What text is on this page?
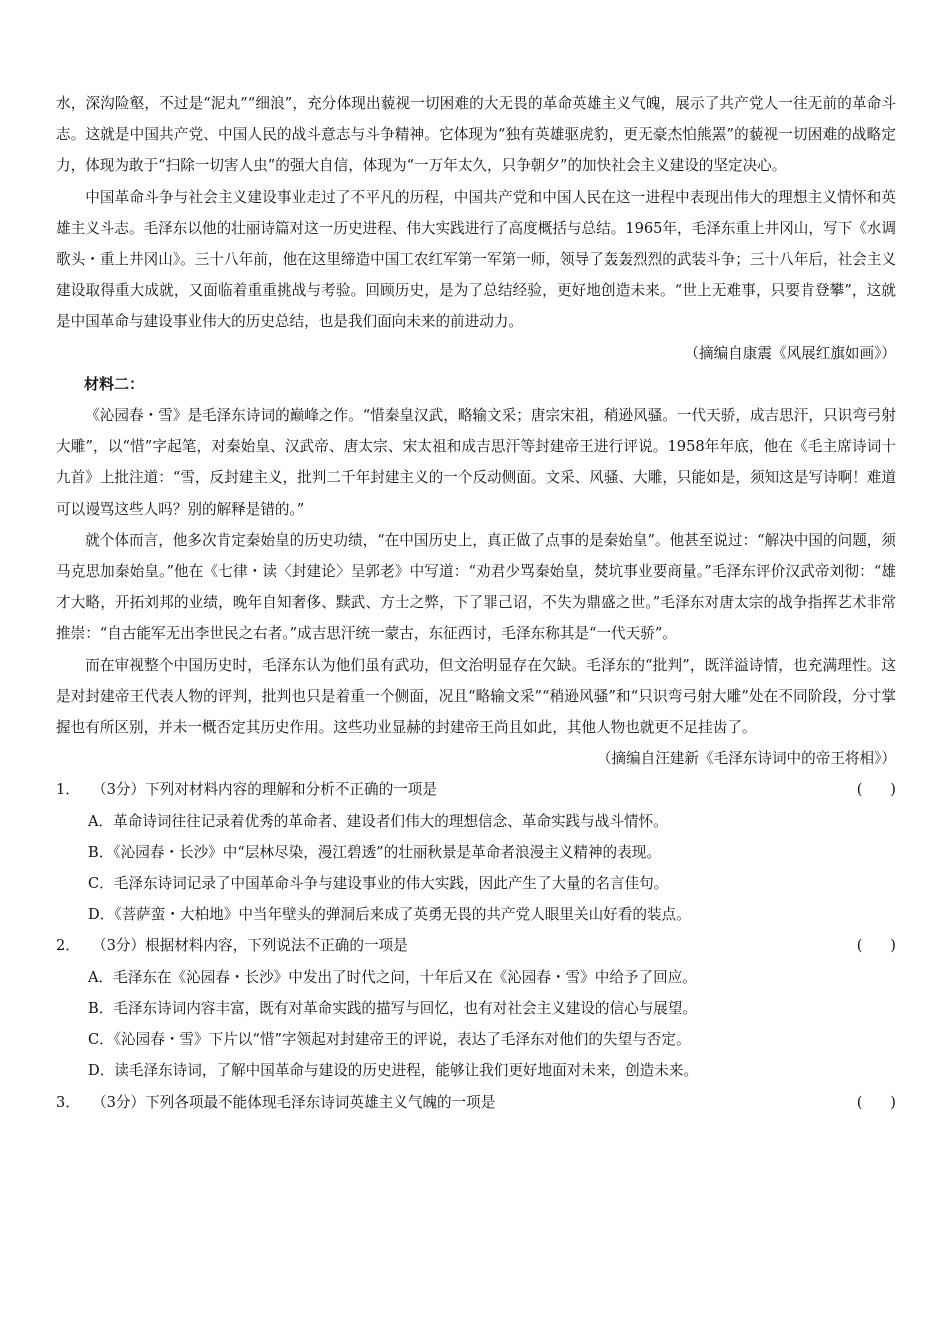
水，深沟险壑，不过是“泥丸”“细浪”，充分体现出藐视一切困难的大无畏的革命英雄主义气魄，展示了共产党人一往无前的革命斗志。这就是中国共产党、中国人民的战斗意志与斗争精神。它体现为“独有英雄驱虎豹，更无豪杰怕熊罴”的藐视一切困难的战略定力，体现为敢于“扫除一切害人虫”的强大自信，体现为“一万年太久，只争朝夕”的加快社会主义建设的坚定决心。

中国革命斗争与社会主义建设事业走过了不平凡的历程，中国共产党和中国人民在这一进程中表现出伟大的理想主义情怀和英雄主义斗志。毛泽东以他的壮丽诗篇对这一历史进程、伟大实践进行了高度概括与总结。1965年，毛泽东重上井冈山，写下《水调歌头・重上井冈山》。三十八年前，他在这里缔造中国工农红军第一军第一师，领导了轰轰烈烈的武装斗争；三十八年后，社会主义建设取得重大成就，又面临着重重挑战与考验。回顾历史，是为了总结经验，更好地创造未来。“世上无难事，只要肯登攀”，这就是中国革命与建设事业伟大的历史总结，也是我们面向未来的前进动力。

（摘编自康震《风展红旗如画》）

材料二：

《沁园春・雪》是毛泽东诗词的巅峰之作。“惜秦皇汉武，略输文采；唐宗宋祖，稍逊风骚。一代天骄，成吉思汗，只识弯弓射大雕”，以“惜”字起笔，对秦始皇、汉武帝、唐太宗、宋太祖和成吉思汗等封建帝王进行评说。1958年年底，他在《毛主席诗词十九首》上批注道：“雪，反封建主义，批判二千年封建主义的一个反动侧面。文采、风骚、大雕，只能如是，须知这是写诗啊！难道可以谩骂这些人吗？别的解释是错的。”

就个体而言，他多次肯定秦始皇的历史功绩，“在中国历史上，真正做了点事的是秦始皇”。他甚至说过：“解决中国的问题，须马克思加秦始皇。”他在《七律・读〈封建论〉呈郭老》中写道：“劝君少骂秦始皇，焚坑事业要商量。”毛泽东评价汉武帝刘彻：“雄才大略，开拓刘邦的业绩，晚年自知奢侈、黩武、方士之弊，下了罪己诏，不失为鼎盛之世。”毛泽东对唐太宗的战争指挥艺术非常推崇：“自古能军无出李世民之右者。”成吉思汗统一蒙古，东征西讨，毛泽东称其是“一代天骄”。

而在审视整个中国历史时，毛泽东认为他们虽有武功，但文治明显存在欠缺。毛泽东的“批判”，既洋溢诗情，也充满理性。这是对封建帝王代表人物的评判，批判也只是着重一个侧面，况且“略输文采”“稍逊风骚”和“只识弯弓射大雕”处在不同阶段，分寸掌握也有所区别，并未一概否定其历史作用。这些功业显赫的封建帝王尚且如此，其他人物也就更不足挂齿了。

（摘编自汪建新《毛泽东诗词中的帝王将相》）

1． （3分）下列对材料内容的理解和分析不正确的一项是	(      )
A．革命诗词往往记录着优秀的革命者、建设者们伟大的理想信念、革命实践与战斗情怀。
B．《沁园春・长沙》中“层林尽染，漫江碧透”的壮丽秋景是革命者浪漫主义精神的表现。
C．毛泽东诗词记录了中国革命斗争与建设事业的伟大实践，因此产生了大量的名言佳句。
D．《菩萨蛮・大柏地》中当年壁头的弹洞后来成了英勇无畏的共产党人眼里关山好看的装点。
2． （3分）根据材料内容，下列说法不正确的一项是	(      )
A．毛泽东在《沁园春・长沙》中发出了时代之问，十年后又在《沁园春・雪》中给予了回应。
B．毛泽东诗词内容丰富，既有对革命实践的描写与回忆，也有对社会主义建设的信心与展望。
C．《沁园春・雪》下片以“惜”字领起对封建帝王的评说，表达了毛泽东对他们的失望与否定。
D．读毛泽东诗词，了解中国革命与建设的历史进程，能够让我们更好地面对未来，创造未来。
3． （3分）下列各项最不能体现毛泽东诗词英雄主义气魄的一项是	(      )
